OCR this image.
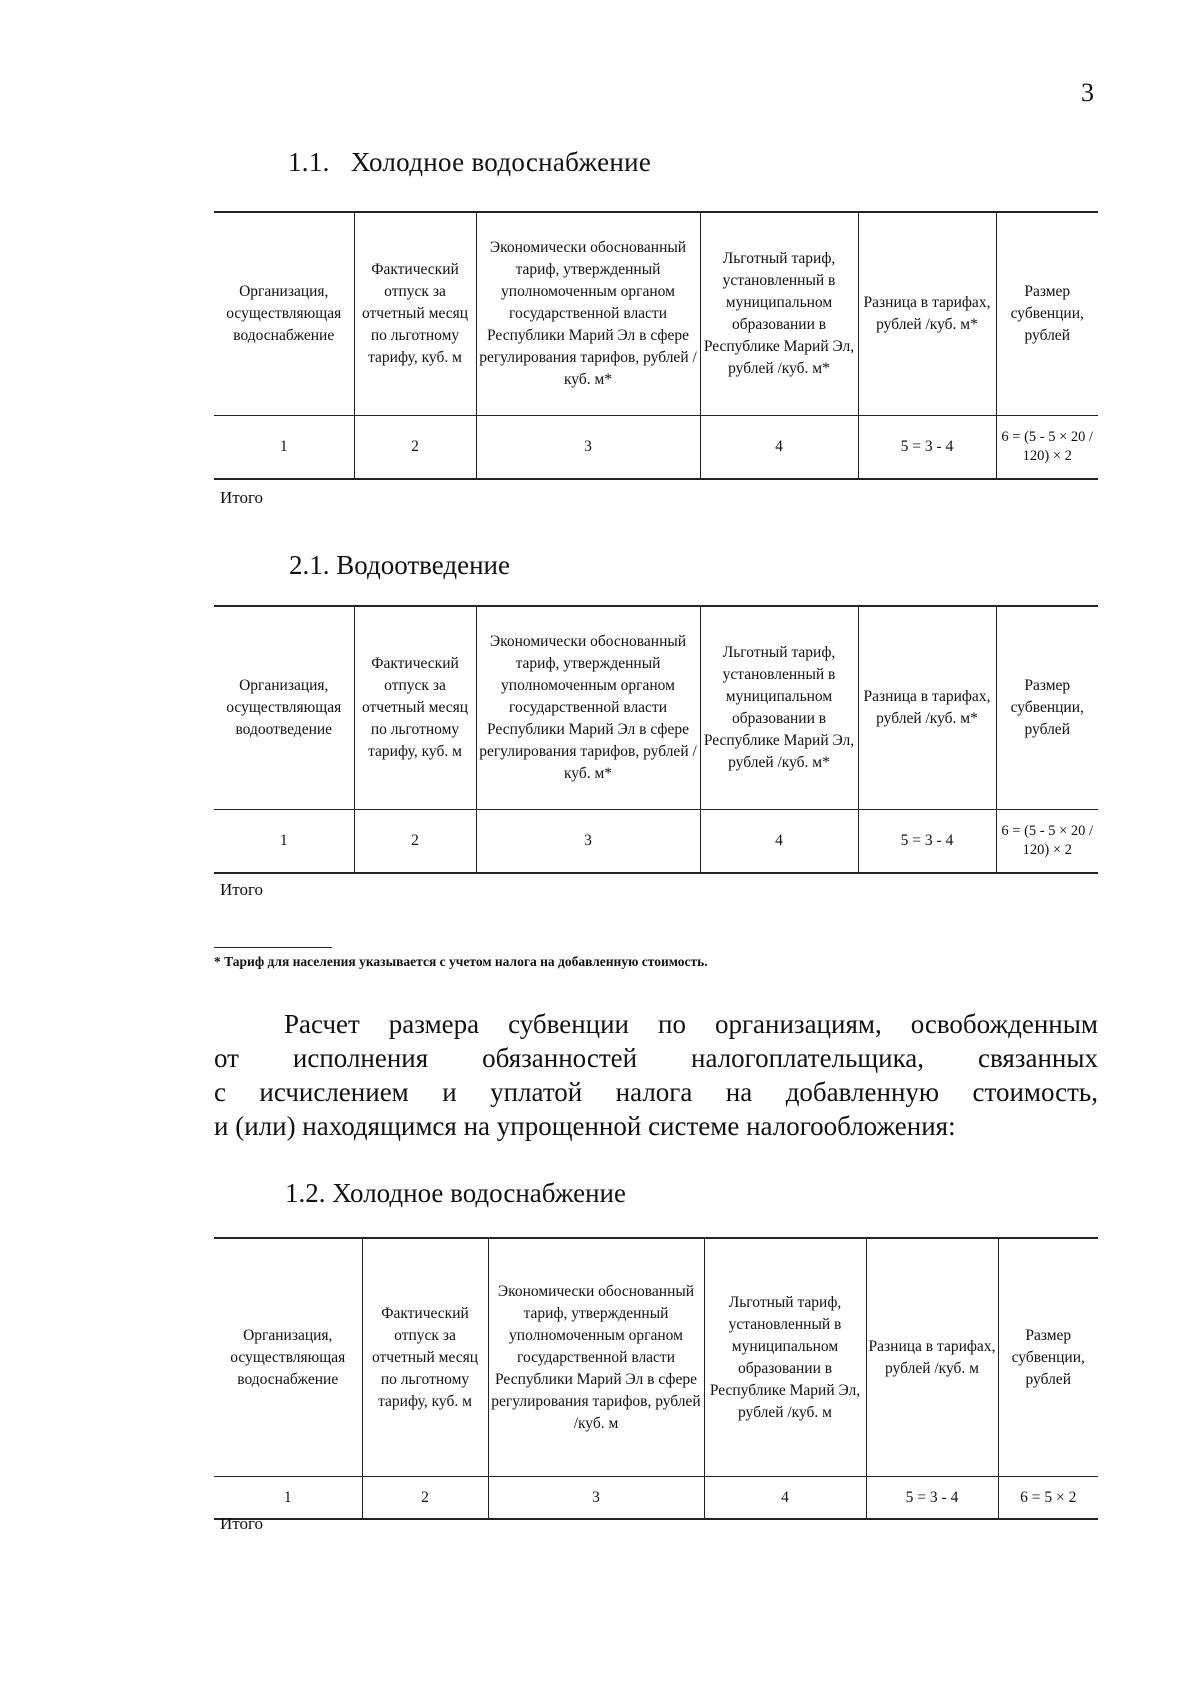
3
1.1.   Холодное водоснабжение
Организация, осуществляющая водоснабжение	Фактический отпуск за отчетный месяц по льготному тарифу, куб. м	Экономически обоснованный тариф, утвержденный уполномоченным органом государственной власти Республики Марий Эл в сфере регулирования тарифов, рублей /куб. м*	Льготный тариф, установленный в муниципальном образовании в Республике Марий Эл, рублей /куб. м*	Разница в тарифах, рублей /куб. м*	Размер субвенции, рублей
1	2	3	4	5 = 3 - 4	6 = (5 - 5 × 20 / 120) × 2
Итого
2.1. Водоотведение
Организация, осуществляющая водоотведение	Фактический отпуск за отчетный месяц по льготному тарифу, куб. м	Экономически обоснованный тариф, утвержденный уполномоченным органом государственной власти Республики Марий Эл в сфере регулирования тарифов, рублей /куб. м*	Льготный тариф, установленный в муниципальном образовании в Республике Марий Эл, рублей /куб. м*	Разница в тарифах, рублей /куб. м*	Размер субвенции, рублей
1	2	3	4	5 = 3 - 4	6 = (5 - 5 × 20 / 120) × 2
Итого
* Тариф для населения указывается с учетом налога на добавленную стоимость.
Расчет размера субвенции по организациям, освобожденным
от исполнения обязанностей налогоплательщика, связанных
с исчислением и уплатой налога на добавленную стоимость,
и (или) находящимся на упрощенной системе налогообложения:
1.2. Холодное водоснабжение
Организация, осуществляющая водоснабжение	Фактический отпуск за отчетный месяц по льготному тарифу, куб. м	Экономически обоснованный тариф, утвержденный уполномоченным органом государственной власти Республики Марий Эл в сфере регулирования тарифов, рублей /куб. м	Льготный тариф, установленный в муниципальном образовании в Республике Марий Эл, рублей /куб. м	Разница в тарифах, рублей /куб. м	Размер субвенции, рублей
1	2	3	4	5 = 3 - 4	6 = 5 × 2
Итого
